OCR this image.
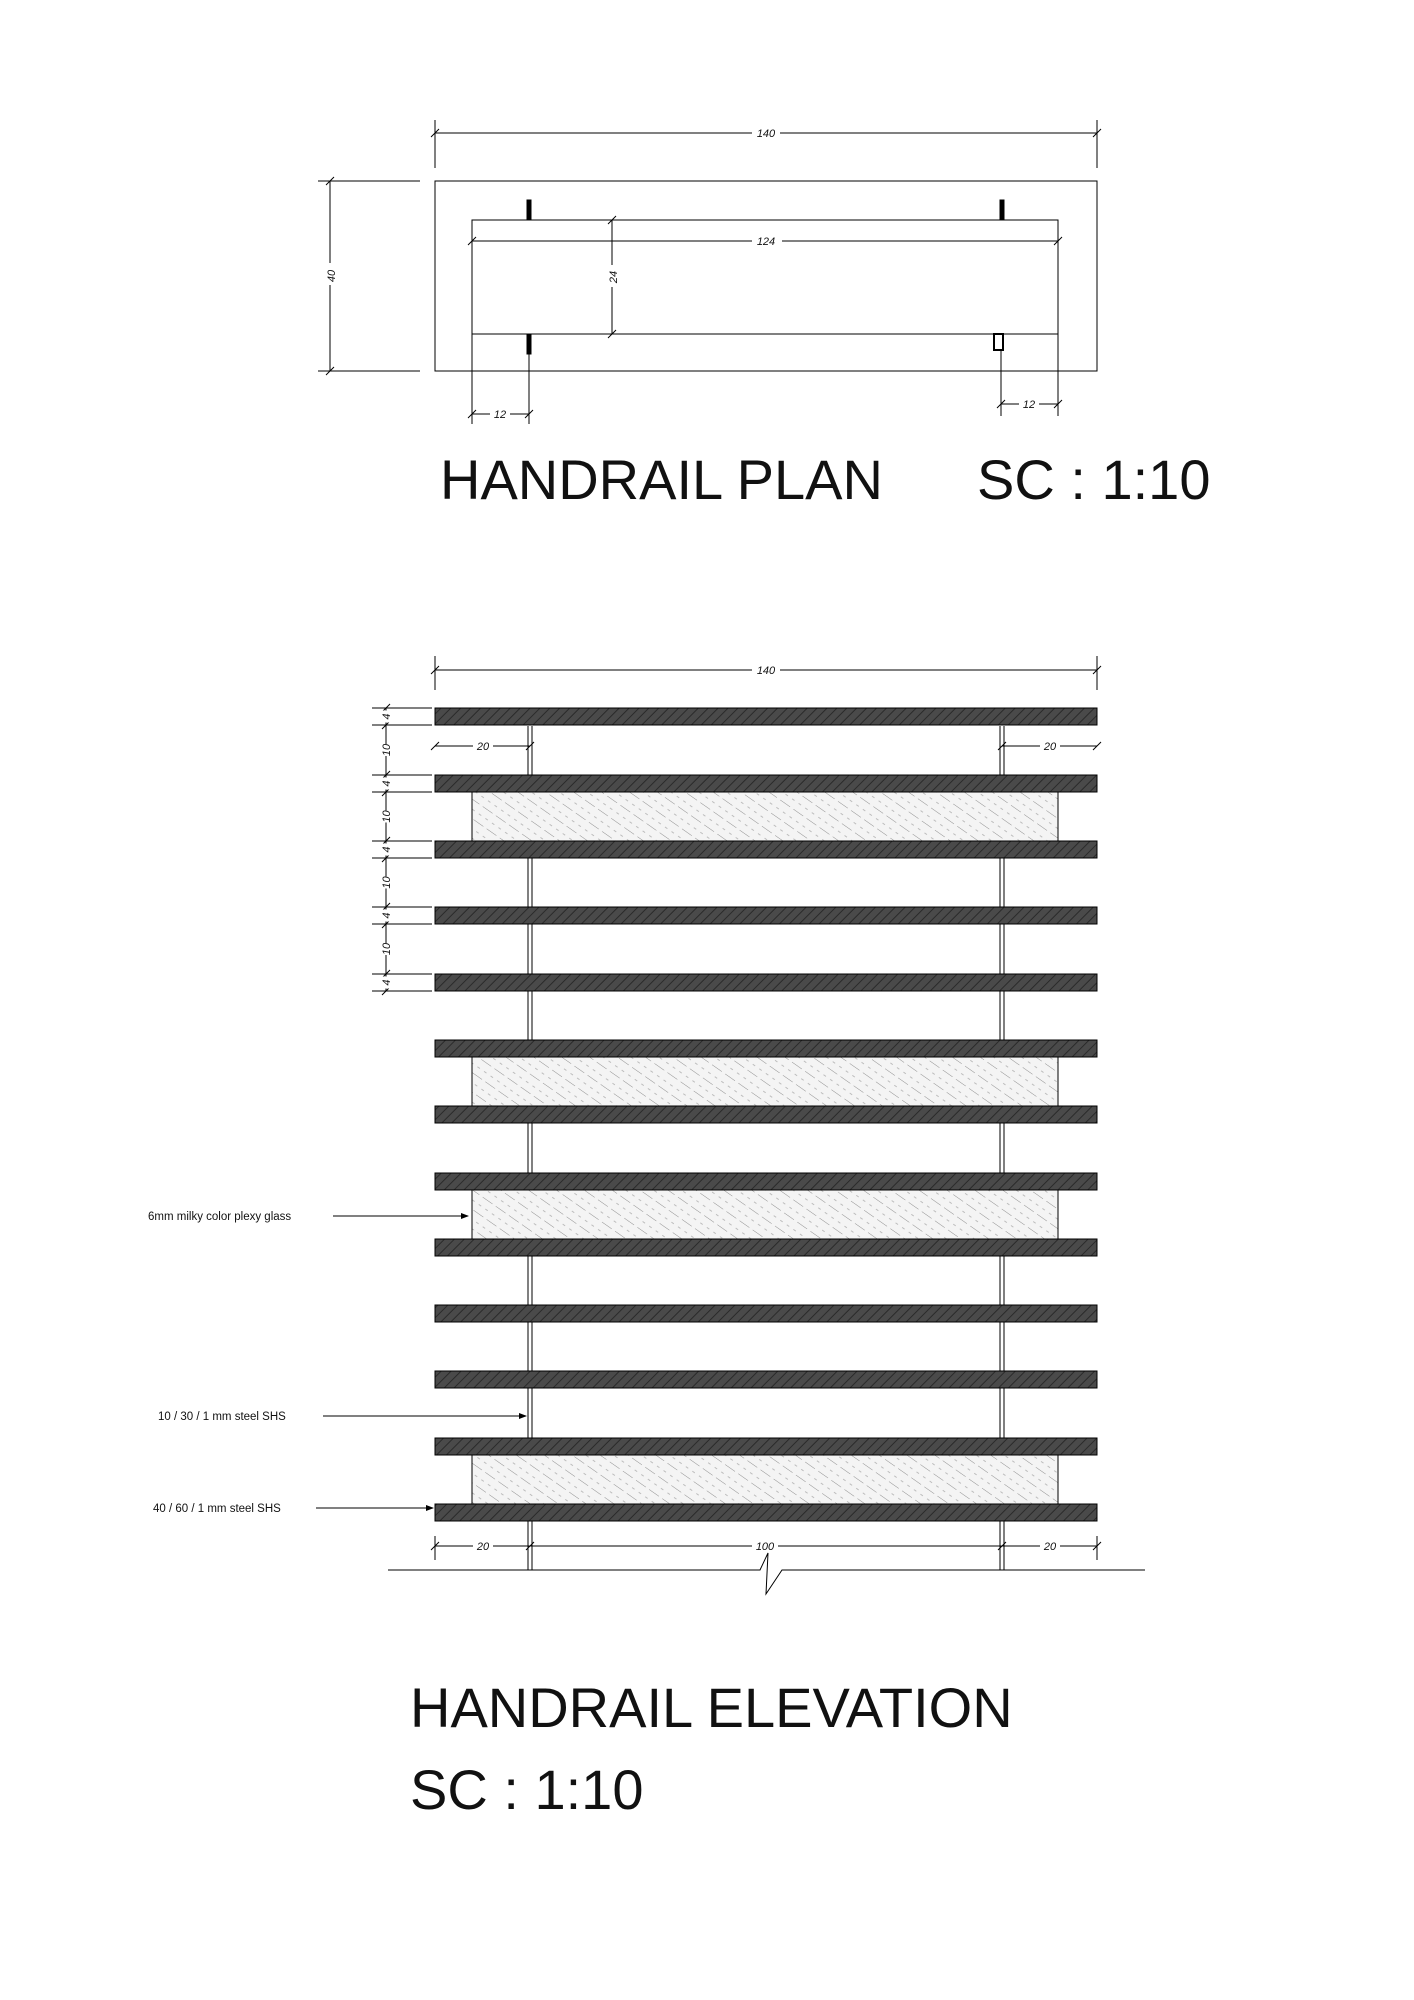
140
40	24
124
12
12
140
20	20
4
10
4
10
4
10
4
10
4
20	100	20
6mm milky color plexy glass
10 / 30 / 1 mm steel SHS
40 / 60 / 1 mm steel SHS
HANDRAIL PLAN SC : 1:10
HANDRAIL ELEVATION
SC : 1:10
